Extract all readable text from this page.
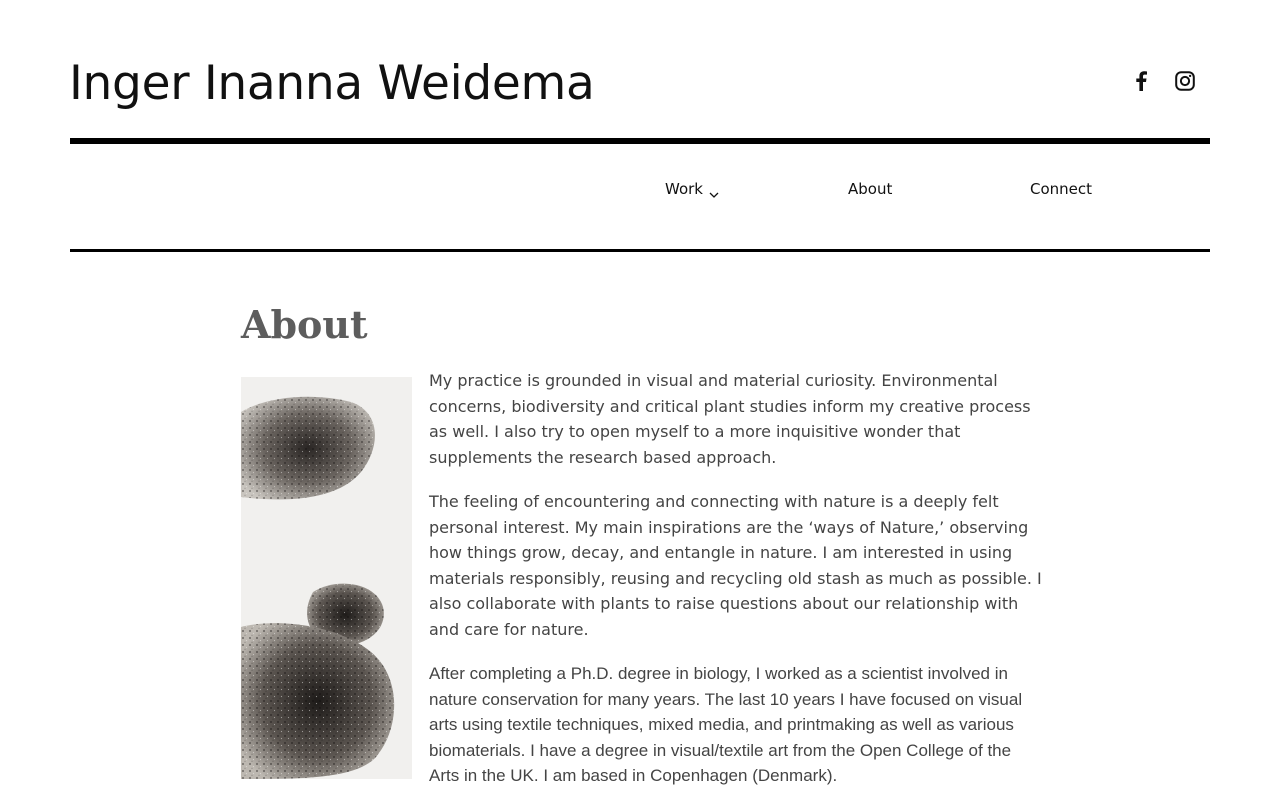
Inger Inanna Weidema
Work	About	Connect
About

My practice is grounded in visual and material curiosity. Environmental concerns, biodiversity and critical plant studies inform my creative process as well. I also try to open myself to a more inquisitive wonder that supplements the research based approach.

The feeling of encountering and connecting with nature is a deeply felt personal interest. My main inspirations are the ‘ways of Nature,’ observing how things grow, decay, and entangle in nature. I am interested in using materials responsibly, reusing and recycling old stash as much as possible. I also collaborate with plants to raise questions about our relationship with and care for nature.

After completing a Ph.D. degree in biology, I worked as a scientist involved in nature conservation for many years. The last 10 years I have focused on visual arts using textile techniques, mixed media, and printmaking as well as various biomaterials. I have a degree in visual/textile art from the Open College of the Arts in the UK. I am based in Copenhagen (Denmark).
